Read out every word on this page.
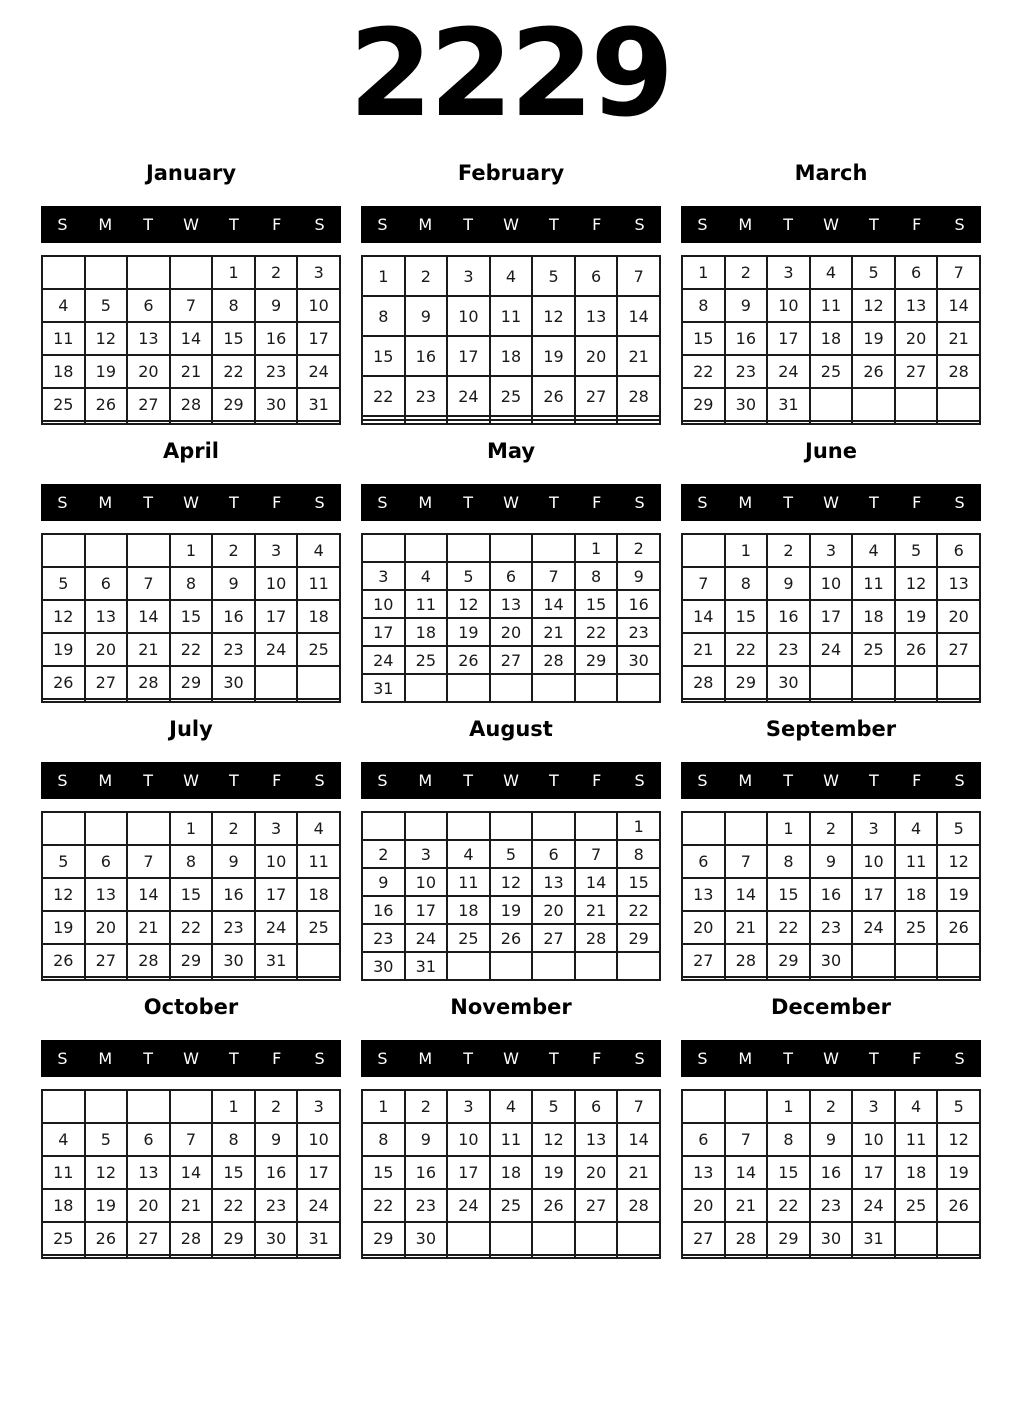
2229
January
S	M	T	W	T	F	S
				1	2	3
4	5	6	7	8	9	10
11	12	13	14	15	16	17
18	19	20	21	22	23	24
25	26	27	28	29	30	31

February
S	M	T	W	T	F	S
1	2	3	4	5	6	7
8	9	10	11	12	13	14
15	16	17	18	19	20	21
22	23	24	25	26	27	28

March
S	M	T	W	T	F	S
1	2	3	4	5	6	7
8	9	10	11	12	13	14
15	16	17	18	19	20	21
22	23	24	25	26	27	28
29	30	31				

April
S	M	T	W	T	F	S
			1	2	3	4
5	6	7	8	9	10	11
12	13	14	15	16	17	18
19	20	21	22	23	24	25
26	27	28	29	30		

May
S	M	T	W	T	F	S
					1	2
3	4	5	6	7	8	9
10	11	12	13	14	15	16
17	18	19	20	21	22	23
24	25	26	27	28	29	30
31						
June
S	M	T	W	T	F	S
	1	2	3	4	5	6
7	8	9	10	11	12	13
14	15	16	17	18	19	20
21	22	23	24	25	26	27
28	29	30				

July
S	M	T	W	T	F	S
			1	2	3	4
5	6	7	8	9	10	11
12	13	14	15	16	17	18
19	20	21	22	23	24	25
26	27	28	29	30	31	

August
S	M	T	W	T	F	S
						1
2	3	4	5	6	7	8
9	10	11	12	13	14	15
16	17	18	19	20	21	22
23	24	25	26	27	28	29
30	31					
September
S	M	T	W	T	F	S
		1	2	3	4	5
6	7	8	9	10	11	12
13	14	15	16	17	18	19
20	21	22	23	24	25	26
27	28	29	30			

October
S	M	T	W	T	F	S
				1	2	3
4	5	6	7	8	9	10
11	12	13	14	15	16	17
18	19	20	21	22	23	24
25	26	27	28	29	30	31

November
S	M	T	W	T	F	S
1	2	3	4	5	6	7
8	9	10	11	12	13	14
15	16	17	18	19	20	21
22	23	24	25	26	27	28
29	30					

December
S	M	T	W	T	F	S
		1	2	3	4	5
6	7	8	9	10	11	12
13	14	15	16	17	18	19
20	21	22	23	24	25	26
27	28	29	30	31		
